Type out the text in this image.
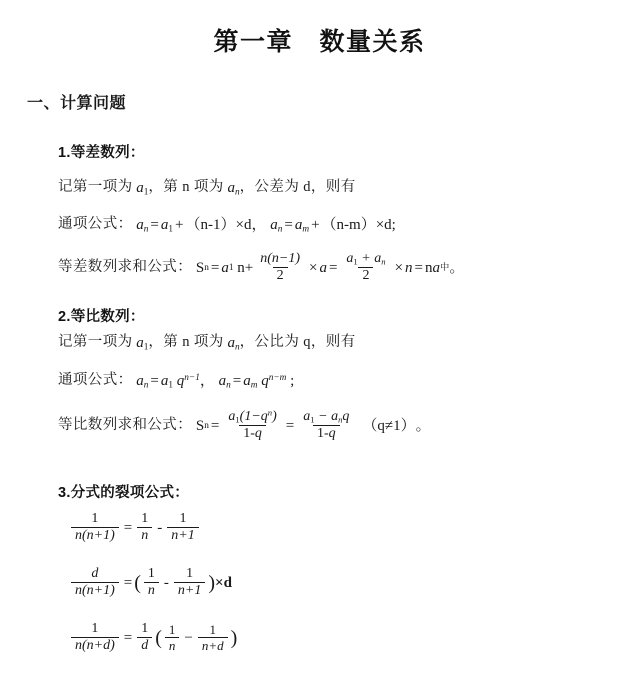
第一章　数量关系
一、计算问题
1.等差数列：
记第一项为 $a_1$ ，第 n 项为 $a_n$ ，公差为 d，则有
通项公式： $a_n = a_1 + (n-1)\times d$， $a_n = a_m + (n-m)\times d$;
等差数列求和公式：
S n = a 1 $n+ \frac{n(n-1)}{2} \times a = \frac{a_1 + a_n}{2} \times n = n$ a 中 。
2.等比数列：
记第一项为 $a_1$ ，第 n 项为 $a_n$ ，公比为 q，则有
通项公式： $a_n = a_1$ $q^{n-1}$， $a_n = a_m$ $q^{n-m}$ ;
等比数列求和公式：
S $n = \frac{a_1(1-q^n)}{1-q} = \frac{a_1 - a_nq}{1-q} (q\ne 1)$ 。
3.分式的裂项公式：
$\frac{1}{n(n+1)} = \frac{1}{n} - \frac{1}{n+1}$
$\frac{d}{n(n+1)}$ = ( $\frac{1}{n} - \frac{1}{n+1}$ ) ×d
$\frac{1}{n(n+d)} = \frac{1}{d}$ ( $\frac{1}{n} - \frac{1}{n+d}$ )
